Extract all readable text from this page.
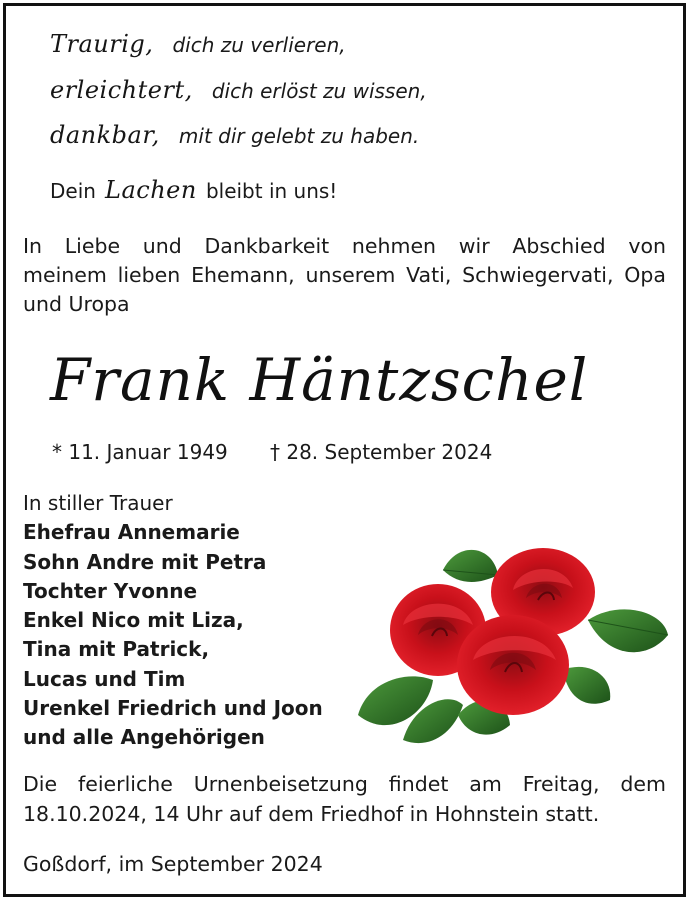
Traurig, dich zu verlieren,
erleichtert, dich erlöst zu wissen,
dankbar, mit dir gelebt zu haben.
Dein Lachen bleibt in uns!
In Liebe und Dankbarkeit nehmen wir Abschied von
meinem lieben Ehemann, unserem Vati, Schwiegervati, Opa
und Uropa
Frank Häntzschel
* 11. Januar 1949 † 28. September 2024
In stiller Trauer
Ehefrau Annemarie
Sohn Andre mit Petra
Tochter Yvonne
Enkel Nico mit Liza,
Tina mit Patrick,
Lucas und Tim
Urenkel Friedrich und Joon
und alle Angehörigen
Die feierliche Urnenbeisetzung findet am Freitag, dem
18.10.2024, 14 Uhr auf dem Friedhof in Hohnstein statt.
Goßdorf, im September 2024
